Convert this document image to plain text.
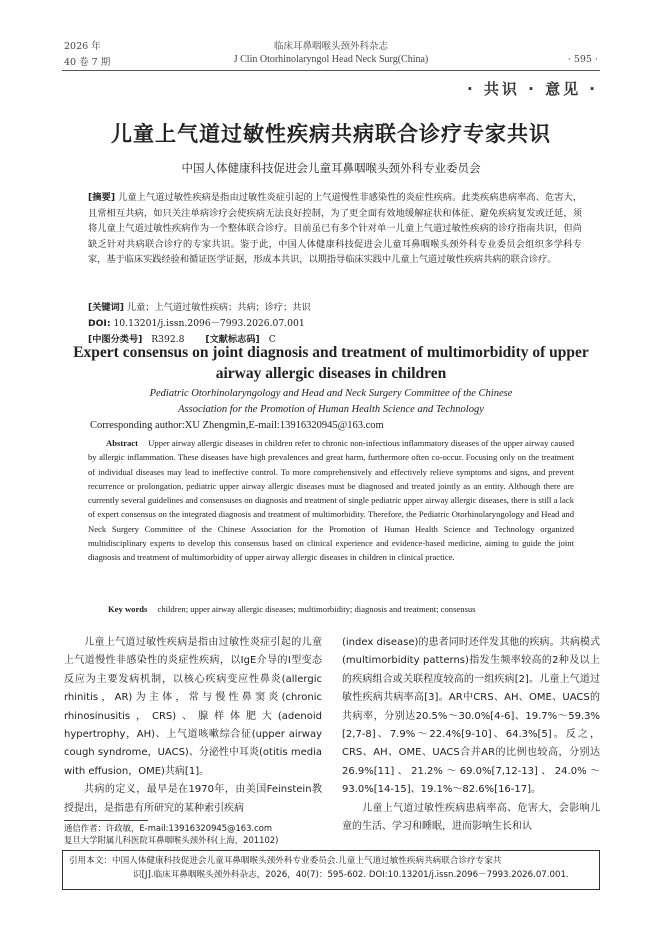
2026 年
40 卷 7 期
临床耳鼻咽喉头颈外科杂志
J Clin Otorhinolaryngol Head Neck Surg(China)	· 595 ·
· 共识 · 意见 ·
儿童上气道过敏性疾病共病联合诊疗专家共识
中国人体健康科技促进会儿童耳鼻咽喉头颈外科专业委员会
[摘要] 儿童上气道过敏性疾病是指由过敏性炎症引起的上气道慢性非感染性的炎症性疾病。此类疾病患病率高、危害大，且常相互共病，如只关注单病诊疗会使疾病无法良好控制，为了更全面有效地缓解症状和体征、避免疾病复发或迁延，须将儿童上气道过敏性疾病作为一个整体联合诊疗。目前虽已有多个针对单一儿童上气道过敏性疾病的诊疗指南共识，但尚缺乏针对共病联合诊疗的专家共识。鉴于此，中国人体健康科技促进会儿童耳鼻咽喉头颈外科专业委员会组织多学科专家，基于临床实践经验和循证医学证据，形成本共识，以期指导临床实践中儿童上气道过敏性疾病共病的联合诊疗。
[关键词] 儿童；上气道过敏性疾病；共病；诊疗；共识
DOI: 10.13201/j.issn.2096－7993.2026.07.001
[中图分类号] R392.8 [文献标志码] C
Expert consensus on joint diagnosis and treatment of multimorbidity of upper airway allergic diseases in children
Pediatric Otorhinolaryngology and Head and Neck Surgery Committee of the Chinese
Association for the Promotion of Human Health Science and Technology
Corresponding author:XU Zhengmin,E-mail:13916320945@163.com
Abstract Upper airway allergic diseases in children refer to chronic non-infectious inflammatory diseases of the upper airway caused by allergic inflammation. These diseases have high prevalences and great harm, furthermore often co-occur. Focusing only on the treatment of individual diseases may lead to ineffective control. To more comprehensively and effectively relieve symptoms and signs, and prevent recurrence or prolongation, pediatric upper airway allergic diseases must be diagnosed and treated jointly as an entity. Although there are currently several guidelines and consensuses on diagnosis and treatment of single pediatric upper airway allergic diseases, there is still a lack of expert consensus on the integrated diagnosis and treatment of multimorbidity. Therefore, the Pediatric Otorhinolaryngology and Head and Neck Surgery Committee of the Chinese Association for the Promotion of Human Health Science and Technology organized multidisciplinary experts to develop this consensus based on clinical experience and evidence-based medicine, aiming to guide the joint diagnosis and treatment of multimorbidity of upper airway allergic diseases in children in clinical practice.
Key words children; upper airway allergic diseases; multimorbidity; diagnosis and treatment; consensus

儿童上气道过敏性疾病是指由过敏性炎症引起的儿童上气道慢性非感染性的炎症性疾病，以IgE介导的Ⅰ型变态反应为主要发病机制，以核心疾病变应性鼻炎(allergic rhinitis，AR)为主体，常与慢性鼻窦炎(chronic rhinosinusitis，CRS)、腺样体肥大(adenoid hypertrophy，AH)、上气道咳嗽综合征(upper airway cough syndrome，UACS)、分泌性中耳炎(otitis media with effusion，OME)共病[1]。

共病的定义，最早是在1970年，由美国Feinstein教授提出，是指患有所研究的某种索引疾病

(index disease)的患者同时还伴发其他的疾病。共病模式(multimorbidity patterns)指发生频率较高的2种及以上的疾病组合或关联程度较高的一组疾病[2]。儿童上气道过敏性疾病共病率高[3]。AR中CRS、AH、OME、UACS的共病率，分别达20.5%～30.0%[4-6]、19.7%～59.3%[2,7-8]、7.9%～22.4%[9-10]、64.3%[5]。反之，CRS、AH、OME、UACS合并AR的比例也较高，分别达26.9%[11]、21.2%～69.0%[7,12-13]、24.0%～93.0%[14-15]、19.1%～82.6%[16-17]。

儿童上气道过敏性疾病患病率高、危害大，会影响儿童的生活、学习和睡眠，进而影响生长和认

通信作者：许政敏，E-mail:13916320945@163.com
复旦大学附属儿科医院耳鼻咽喉头颈外科(上海，201102)
引用本文：中国人体健康科技促进会儿童耳鼻咽喉头颈外科专业委员会.儿童上气道过敏性疾病共病联合诊疗专家共
识[J].临床耳鼻咽喉头颈外科杂志，2026，40(7)：595-602. DOI:10.13201/j.issn.2096－7993.2026.07.001.
